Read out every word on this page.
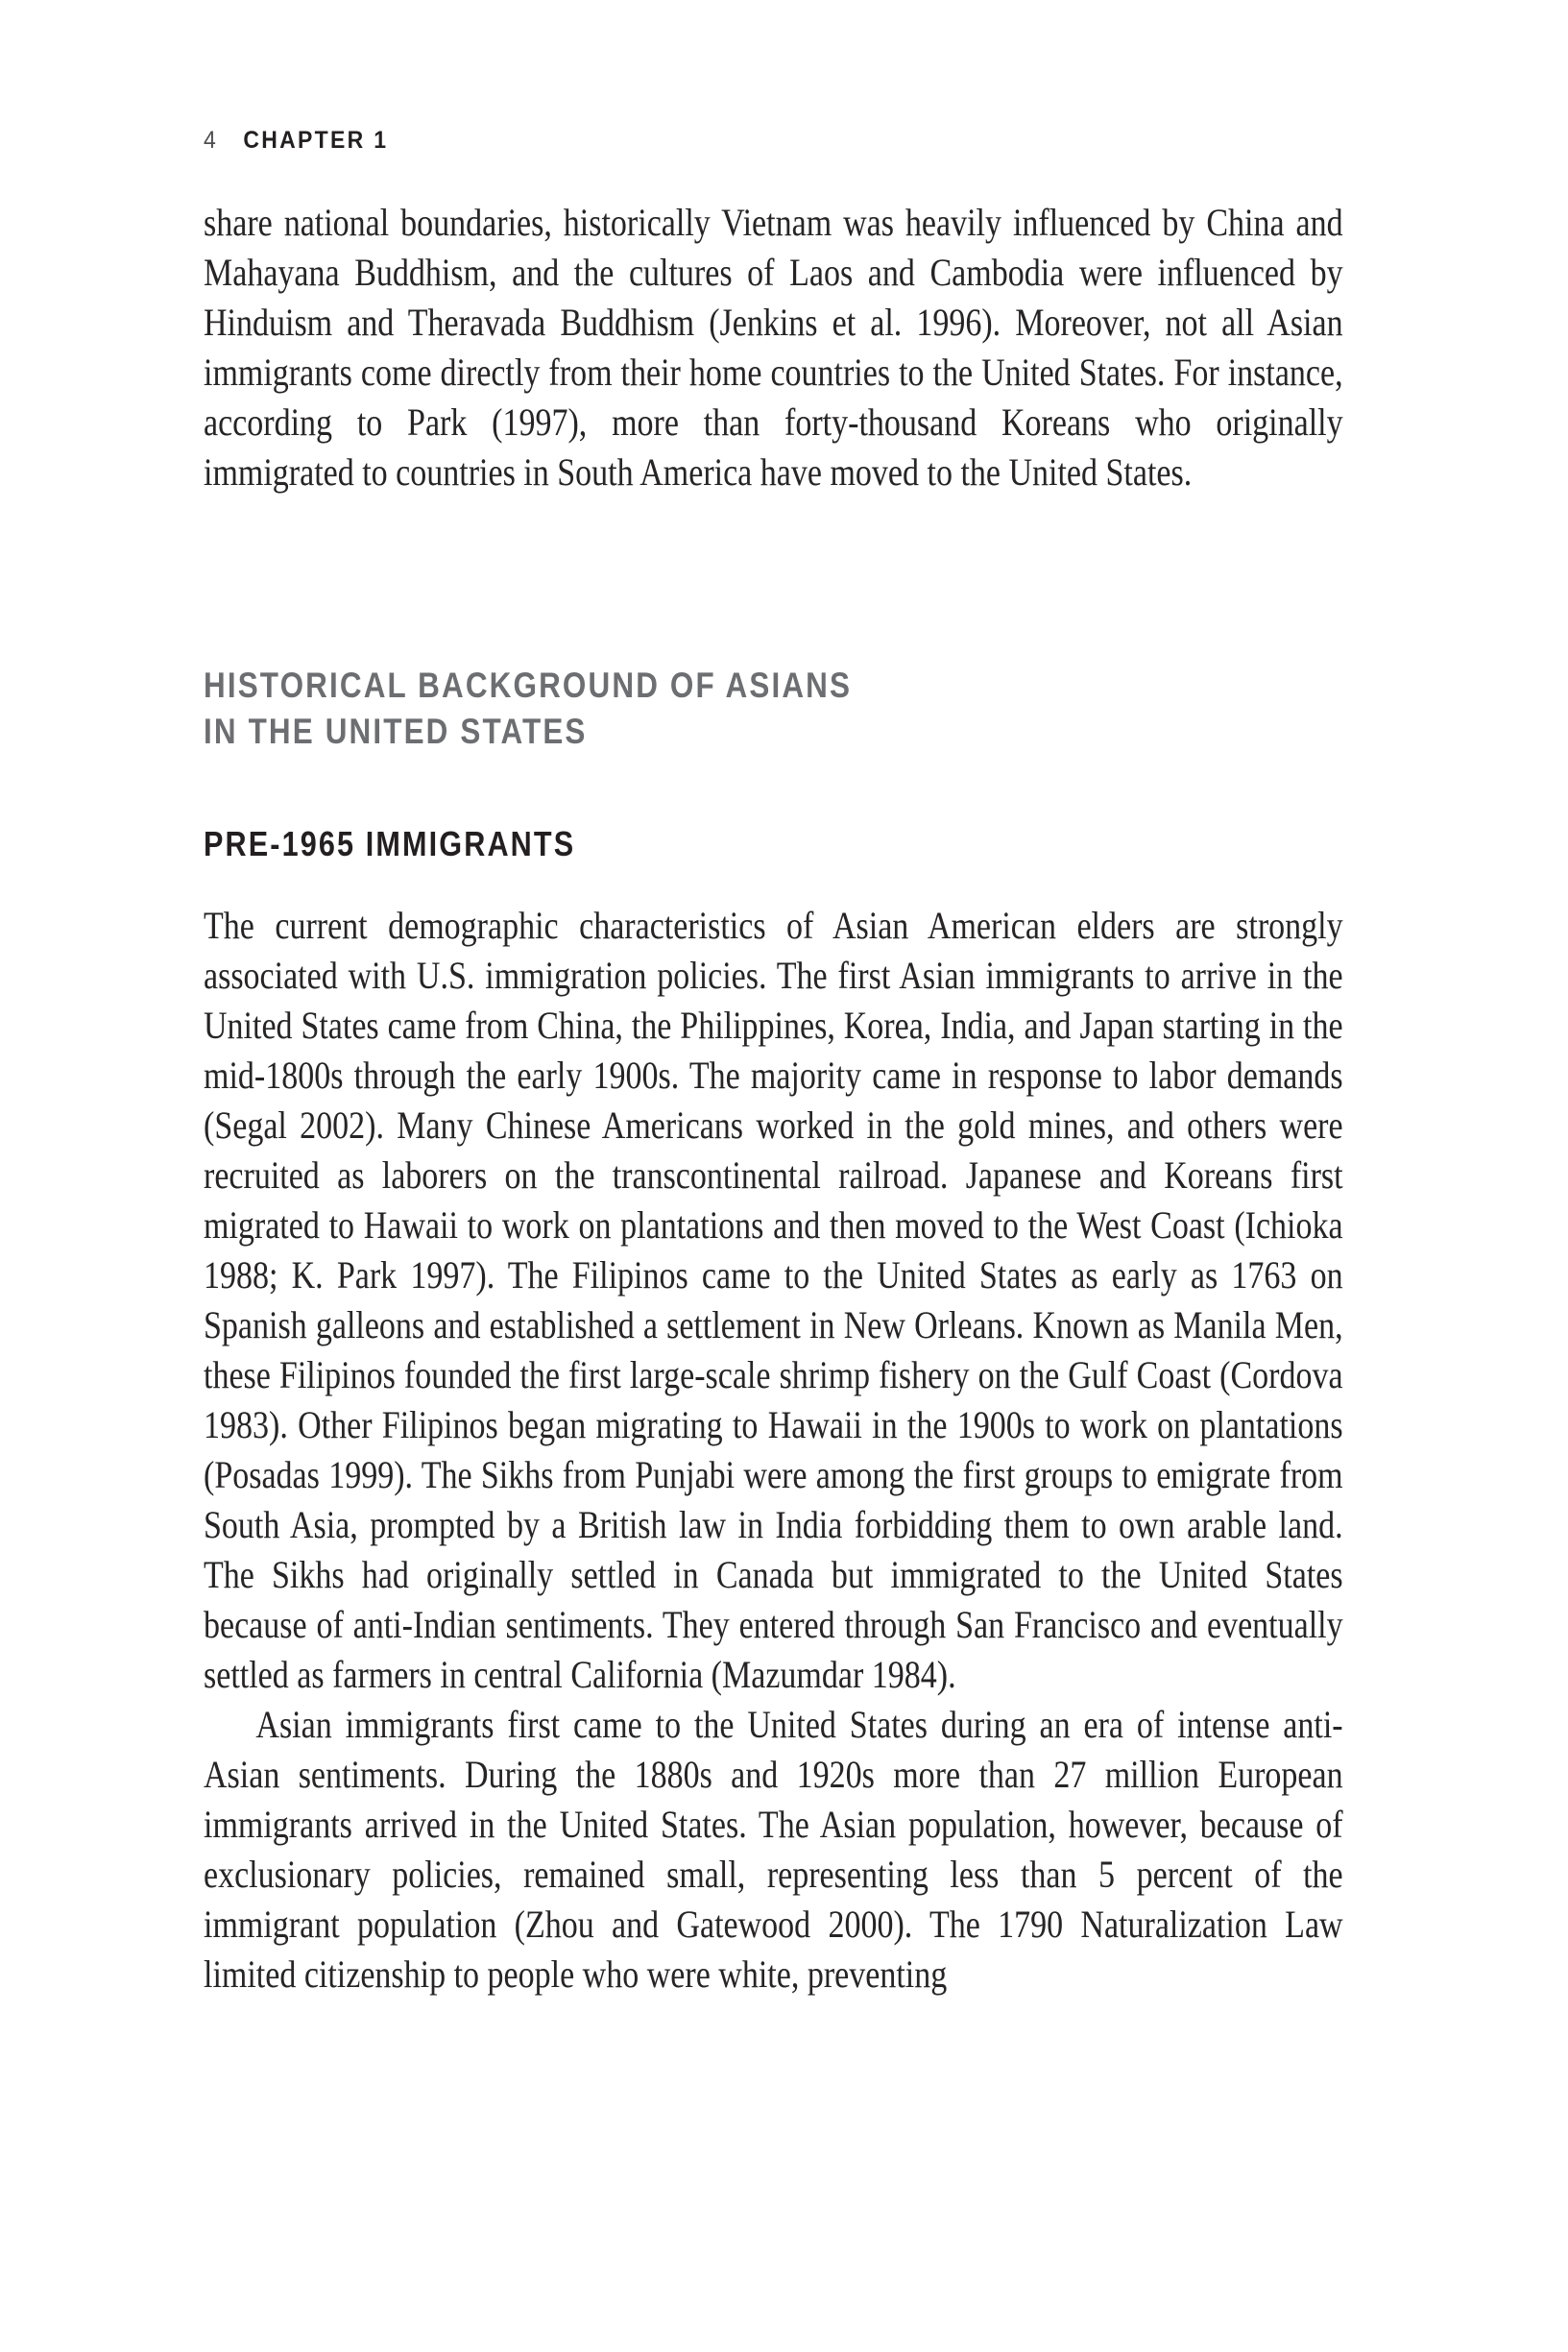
4 CHAPTER 1

share national boundaries, historically Vietnam was heavily influenced by China and Mahayana Buddhism, and the cultures of Laos and Cambodia were influenced by Hinduism and Theravada Buddhism (Jenkins et al. 1996). Moreover, not all Asian immigrants come directly from their home countries to the United States. For instance, according to Park (1997), more than forty-thousand Koreans who originally immigrated to countries in South America have moved to the United States.

HISTORICAL BACKGROUND OF ASIANS
IN THE UNITED STATES
PRE-1965 IMMIGRANTS

The current demographic characteristics of Asian American elders are strongly associated with U.S. immigration policies. The first Asian immigrants to arrive in the United States came from China, the Philippines, Korea, India, and Japan starting in the mid-1800s through the early 1900s. The majority came in response to labor demands (Segal 2002). Many Chinese Americans worked in the gold mines, and others were recruited as laborers on the transcontinental railroad. Japanese and Koreans first migrated to Hawaii to work on plantations and then moved to the West Coast (Ichioka 1988; K. Park 1997). The Filipinos came to the United States as early as 1763 on Spanish galleons and established a settlement in New Orleans. Known as Manila Men, these Filipinos founded the first large-scale shrimp fishery on the Gulf Coast (Cordova 1983). Other Filipinos began migrating to Hawaii in the 1900s to work on plantations (Posadas 1999). The Sikhs from Punjabi were among the first groups to emigrate from South Asia, prompted by a British law in India forbidding them to own arable land. The Sikhs had originally settled in Canada but immigrated to the United States because of anti-Indian sentiments. They entered through San Francisco and eventually settled as farmers in central California (Mazumdar 1984).

Asian immigrants first came to the United States during an era of intense anti-Asian sentiments. During the 1880s and 1920s more than 27 million European immigrants arrived in the United States. The Asian population, however, because of exclusionary policies, remained small, representing less than 5 percent of the immigrant population (Zhou and Gatewood 2000). The 1790 Naturalization Law limited citizenship to people who were white, preventing
